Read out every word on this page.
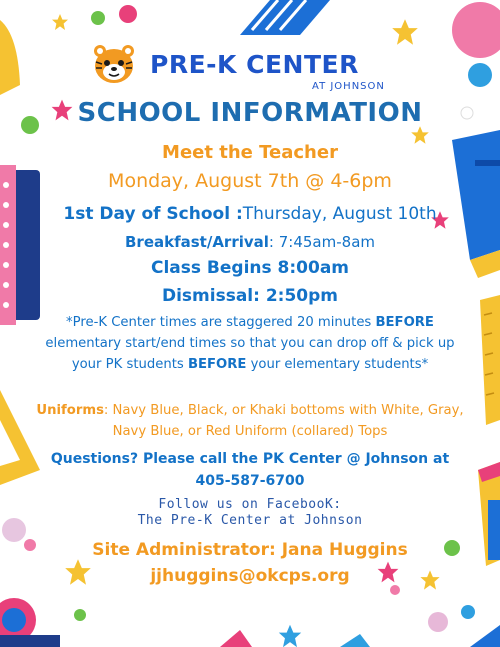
PRE-K CENTER
AT JOHNSON
SCHOOL INFORMATION
Meet the Teacher
Monday, August 7th @ 4-6pm
1st Day of School :Thursday, August 10th
Breakfast/Arrival: 7:45am-8am
Class Begins 8:00am
Dismissal: 2:50pm
*Pre-K Center times are staggered 20 minutes BEFORE elementary start/end times so that you can drop off & pick up your PK students BEFORE your elementary students*
Uniforms: Navy Blue, Black, or Khaki bottoms with White, Gray, Navy Blue, or Red Uniform (collared) Tops
Questions? Please call the PK Center @ Johnson at
405-587-6700
Follow us on FacebooK:
The Pre-K Center at Johnson
Site Administrator: Jana Huggins
jjhuggins@okcps.org
